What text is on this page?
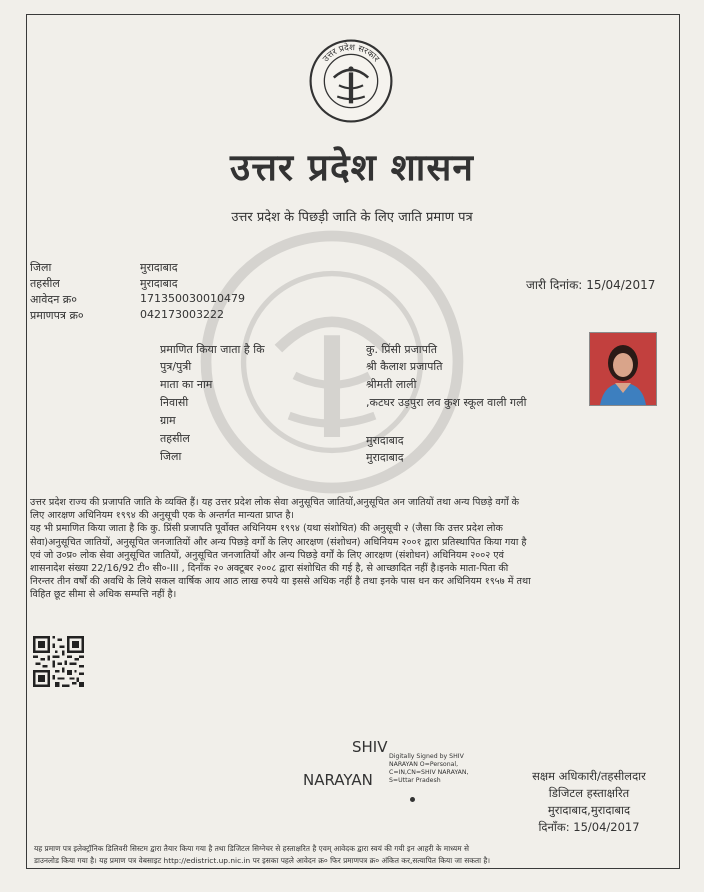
उत्तर प्रदेश सरकार
उत्तर प्रदेश शासन
उत्तर प्रदेश के पिछड़ी जाति के लिए जाति प्रमाण पत्र
जिला	मुरादाबाद
तहसील	मुरादाबाद
आवेदन क्र०	171350030010479
प्रमाणपत्र क्र०	042173003222
जारी दिनांक: 15/04/2017
प्रमाणित किया जाता है कि	कु. प्रिंसी प्रजापति
पुत्र/पुत्री	श्री कैलाश प्रजापति
माता का नाम	श्रीमती लाली
निवासी	,कटघर उड़पुरा लव कुश स्कूल वाली गली
ग्राम
तहसील	मुरादाबाद
जिला	मुरादाबाद

उत्तर प्रदेश राज्य की प्रजापति जाति के व्यक्ति हैं। यह उत्तर प्रदेश लोक सेवा अनुसूचित जातियों,अनुसूचित अन जातियों तथा अन्य पिछड़े वर्गों के

लिए आरक्षण अधिनियम १९९४ की अनुसूची एक के अन्तर्गत मान्यता प्राप्त है।

यह भी प्रमाणित किया जाता है कि कु. प्रिंसी प्रजापति पूर्वोक्त अधिनियम १९९४ (यथा संशोधित) की अनुसूची २ (जैसा कि उत्तर प्रदेश लोक

सेवा)अनुसूचित जातियों, अनुसूचित जनजातियों और अन्य पिछड़े वर्गों के लिए आरक्षण (संशोधन) अधिनियम २००१ द्वारा प्रतिस्थापित किया गया है

एवं जो उ०प्र० लोक सेवा अनुसूचित जातियों, अनुसूचित जनजातियों और अन्य पिछड़े वर्गों के लिए आरक्षण (संशोधन) अधिनियम २००२ एवं

शासनादेश संख्या 22/16/92 टी० सी०-III , दिनाँक २० अक्टूबर २००८ द्वारा संशोधित की गई है, से आच्छादित नहीं है।इनके माता-पिता की

निरन्तर तीन वर्षों की अवधि के लिये सकल वार्षिक आय आठ लाख रुपये या इससे अधिक नहीं है तथा इनके पास धन कर अधिनियम १९५७ में तथा

विहित छूट सीमा से अधिक सम्पत्ति नहीं है।

SHIV
NARAYAN
Digitally Signed by SHIV
NARAYAN O=Personal,
C=IN,CN=SHIV NARAYAN,
S=Uttar Pradesh	सक्षम अधिकारी/तहसीलदार
डिजिटल हस्ताक्षरित
मुरादाबाद,मुरादाबाद
दिनाँक: 15/04/2017
यह प्रमाण पत्र इलेक्ट्रॉनिक डिलिवरी सिस्टम द्वारा तैयार किया गया है तथा डिजिटल सिग्नेचर से हस्ताक्षरित है एवम् आवेदक द्वारा स्वयं की गयी इन आहरी के माध्यम से
डाउनलोड किया गया है। यह प्रमाण पत्र वेबसाइट http://edistrict.up.nic.in पर इसका पहले आवेदन क्र० फिर प्रमाणपत्र क्र० अंकित कर,सत्यापित किया जा सकता है।
